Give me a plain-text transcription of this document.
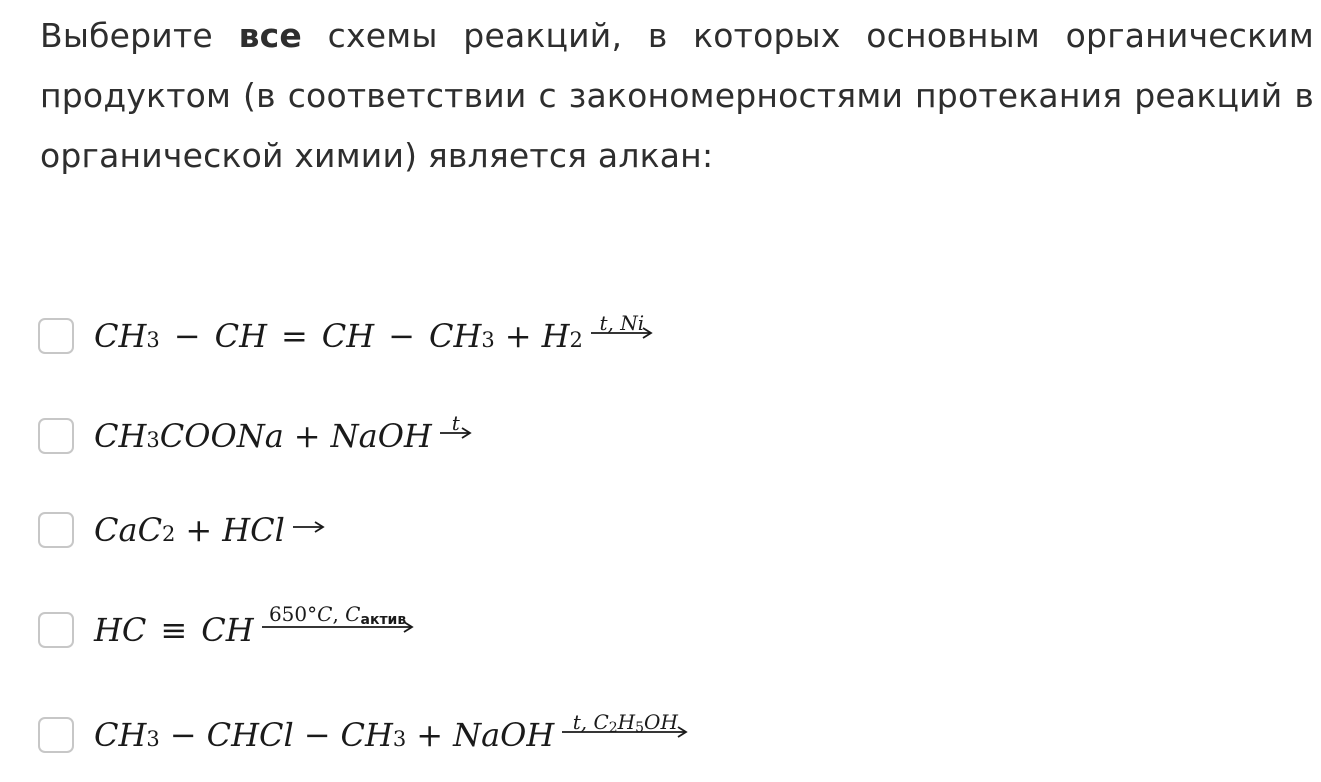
Выберите все схемы реакций, в которых основным органическим продуктом (в соответствии с закономерностями протекания реакций в органической химии) является алкан:
CH 3 − CH = CH − CH 3 + H 2
t, Ni
CH 3 COONa + NaOH t
CaC 2 + HCl →
HC ≡ CH 650°C, Cактив
CH 3 − CHCl − CH 3 + NaOH t, $C_2H_5OH$
